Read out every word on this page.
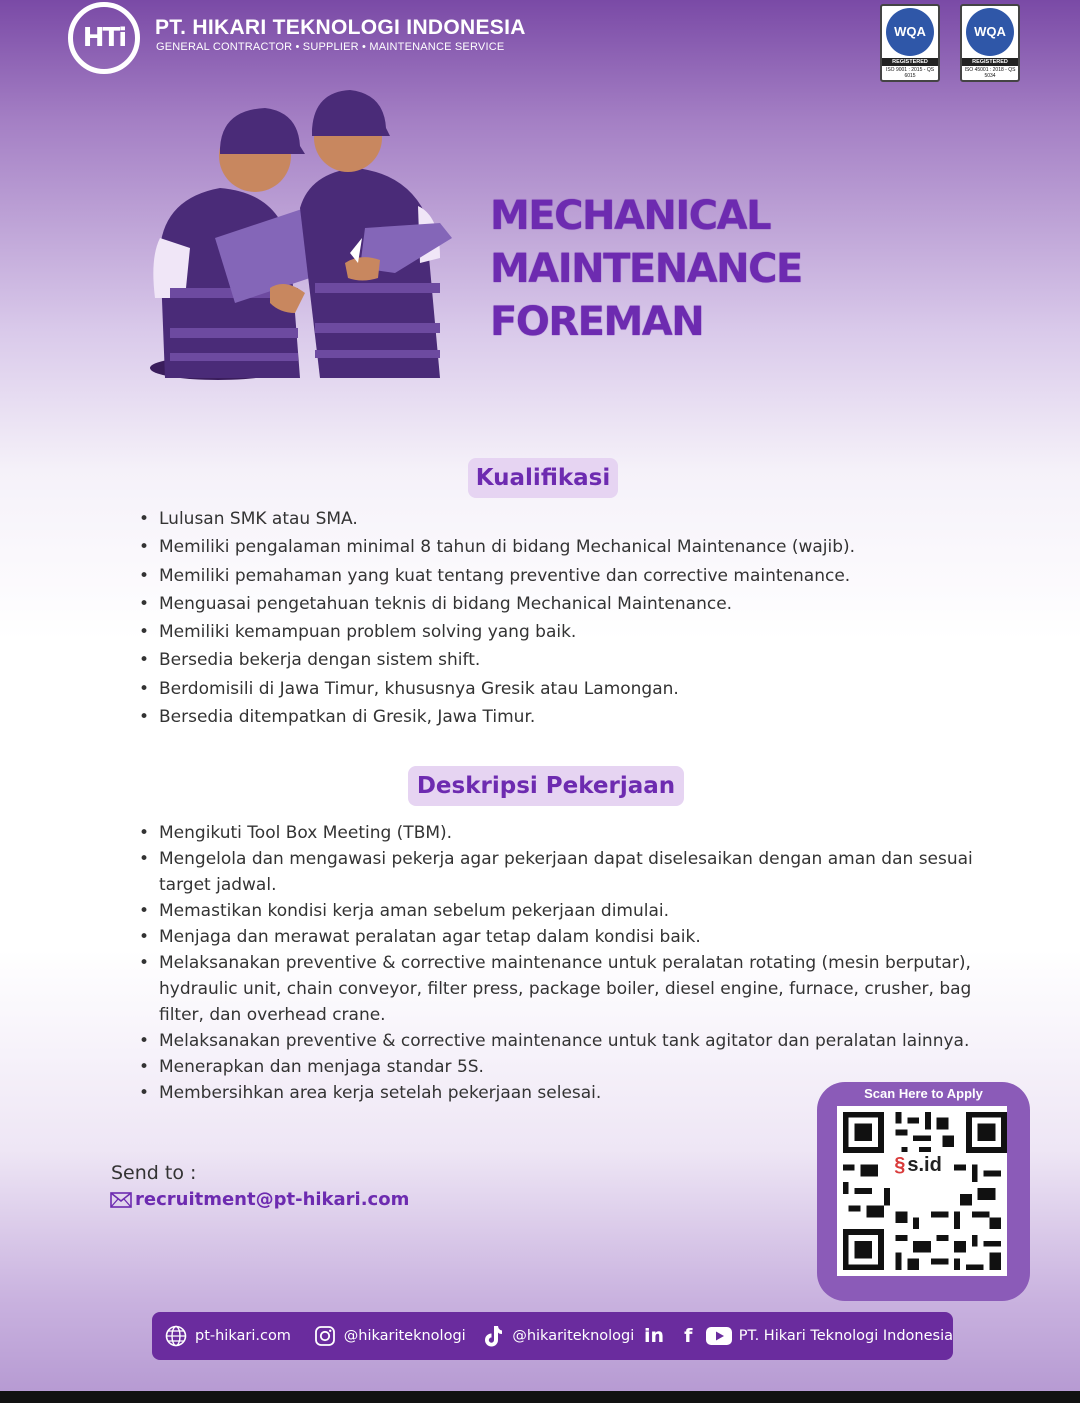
HTi PT. HIKARI TEKNOLOGI INDONESIA
GENERAL CONTRACTOR • SUPPLIER • MAINTENANCE SERVICE
WQA
REGISTERED
ISO 9001 : 2015 - QS 6015
WQA
REGISTERED
ISO 45001 : 2018 - QS 5034
MECHANICAL MAINTENANCE
FOREMAN
Kualifikasi
• Lulusan SMK atau SMA.
• Memiliki pengalaman minimal 8 tahun di bidang Mechanical Maintenance (wajib).
• Memiliki pemahaman yang kuat tentang preventive dan corrective maintenance.
• Menguasai pengetahuan teknis di bidang Mechanical Maintenance.
• Memiliki kemampuan problem solving yang baik.
• Bersedia bekerja dengan sistem shift.
• Berdomisili di Jawa Timur, khususnya Gresik atau Lamongan.
• Bersedia ditempatkan di Gresik, Jawa Timur.
Deskripsi Pekerjaan
• Mengikuti Tool Box Meeting (TBM).
• Mengelola dan mengawasi pekerja agar pekerjaan dapat diselesaikan dengan aman dan sesuai target jadwal.
• Memastikan kondisi kerja aman sebelum pekerjaan dimulai.
• Menjaga dan merawat peralatan agar tetap dalam kondisi baik.
• Melaksanakan preventive & corrective maintenance untuk peralatan rotating (mesin berputar), hydraulic unit, chain conveyor, filter press, package boiler, diesel engine, furnace, crusher, bag filter, dan overhead crane.
• Melaksanakan preventive & corrective maintenance untuk tank agitator dan peralatan lainnya.
• Menerapkan dan menjaga standar 5S.
• Membersihkan area kerja setelah pekerjaan selesai.
Send to :
recruitment@pt-hikari.com
Scan Here to Apply
§ s.id
pt-hikari.com	@hikariteknologi	@hikariteknologi in	f	PT. Hikari Teknologi Indonesia
